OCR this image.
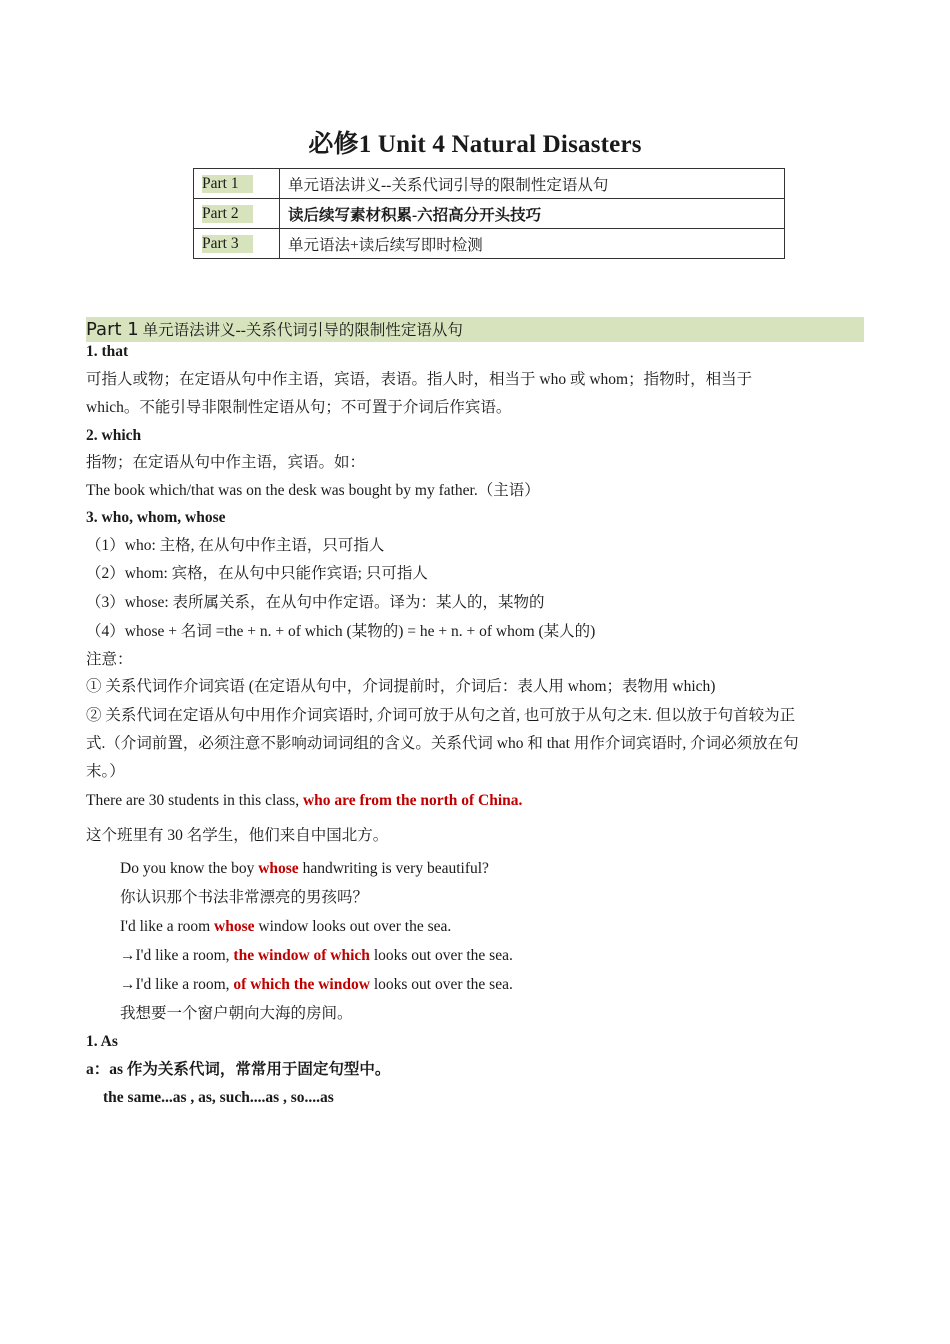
必修1 Unit 4 Natural Disasters
Part 1	单元语法讲义--关系代词引导的限制性定语从句
Part 2	读后续写素材积累-六招高分开头技巧
Part 3	单元语法+读后续写即时检测
Part 1 单元语法讲义--关系代词引导的限制性定语从句
1. that
可指人或物；在定语从句中作主语，宾语，表语。指人时，相当于 who 或 whom；指物时，相当于
which。不能引导非限制性定语从句；不可置于介词后作宾语。
2. which
指物；在定语从句中作主语，宾语。如：
The book which/that was on the desk was bought by my father.（主语）
3. who, whom, whose
（1）who: 主格, 在从句中作主语，只可指人
（2）whom: 宾格，在从句中只能作宾语; 只可指人
（3）whose: 表所属关系，在从句中作定语。译为：某人的，某物的
（4）whose + 名词 =the + n. + of which (某物的) = he + n. + of whom (某人的)
注意：
① 关系代词作介词宾语 (在定语从句中，介词提前时，介词后：表人用 whom；表物用 which)
② 关系代词在定语从句中用作介词宾语时, 介词可放于从句之首, 也可放于从句之末. 但以放于句首较为正
式.（介词前置，必须注意不影响动词词组的含义。关系代词 who 和 that 用作介词宾语时, 介词必须放在句
末。）
There are 30 students in this class, who are from the north of China.
这个班里有 30 名学生，他们来自中国北方。
Do you know the boy whose handwriting is very beautiful?
你认识那个书法非常漂亮的男孩吗？
I'd like a room whose window looks out over the sea.
→I'd like a room, the window of which looks out over the sea.
→I'd like a room, of which the window looks out over the sea.
我想要一个窗户朝向大海的房间。
1. As
a：as 作为关系代词，常常用于固定句型中。
the same...as , as, such....as , so....as
